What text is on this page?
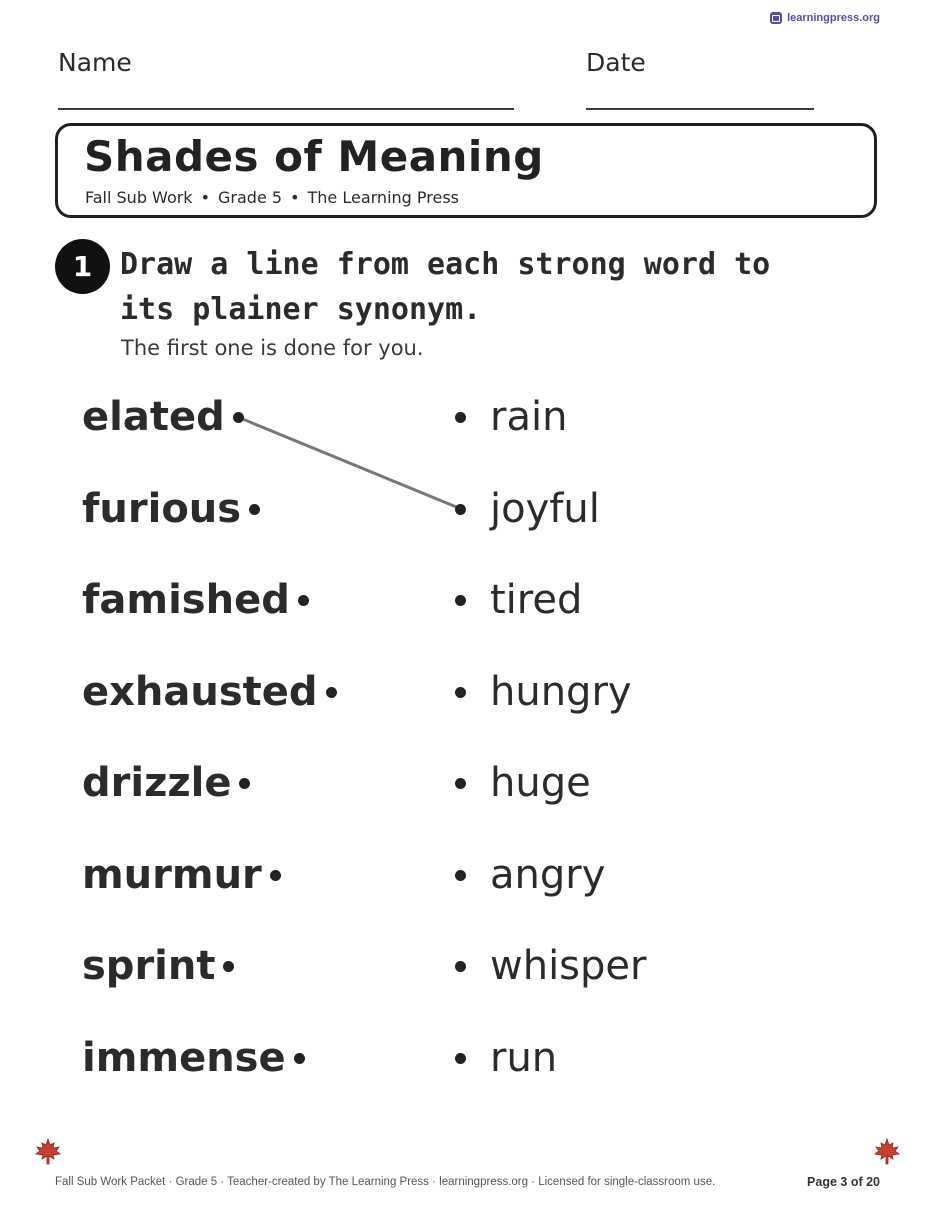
learningpress.org
Name	Date
Shades of Meaning
Fall Sub Work • Grade 5 • The Learning Press
1 Draw a line from each strong word to its plainer synonym.

The first one is done for you.
elated	rain
furious	joyful
famished	tired
exhausted	hungry
drizzle	huge
murmur	angry
sprint	whisper
immense	run
Fall Sub Work Packet · Grade 5 · Teacher-created by The Learning Press · learningpress.org · Licensed for single-classroom use.	Page 3 of 20
